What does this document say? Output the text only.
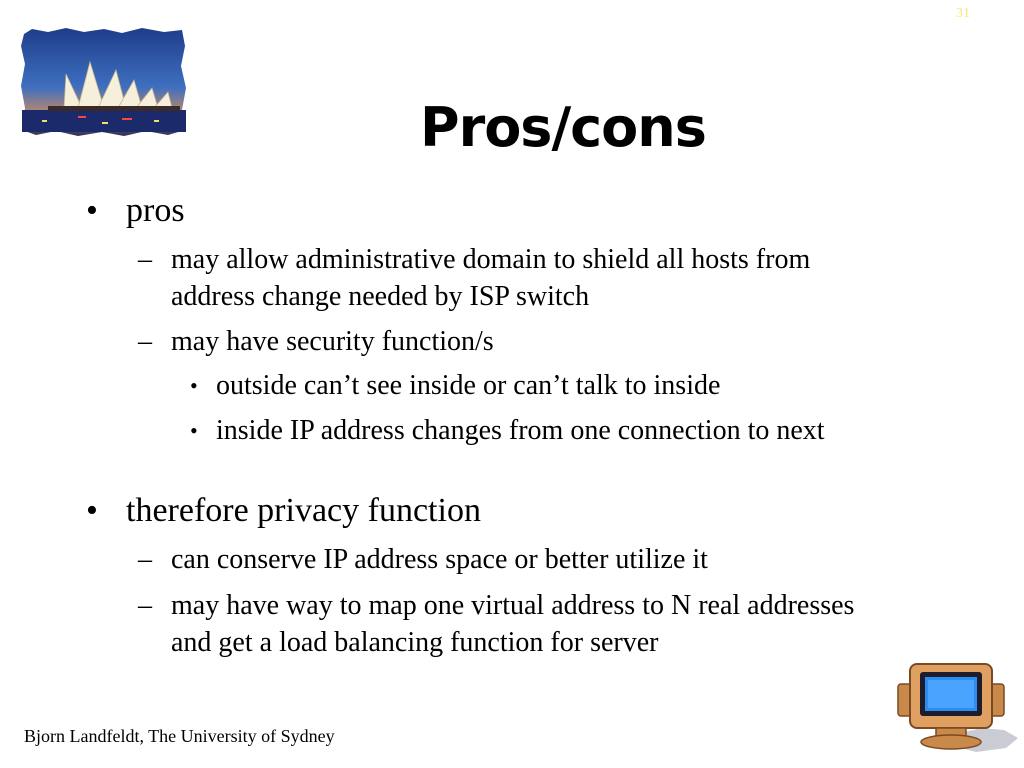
31
Pros/cons
• pros
– may allow administrative domain to shield all hosts from address change needed by ISP switch
– may have security function/s
• outside can’t see inside or can’t talk to inside
• inside IP address changes from one connection to next
• therefore privacy function
– can conserve IP address space or better utilize it
– may have way to map one virtual address to N real addresses and get a load balancing function for server
Bjorn Landfeldt, The University of Sydney
